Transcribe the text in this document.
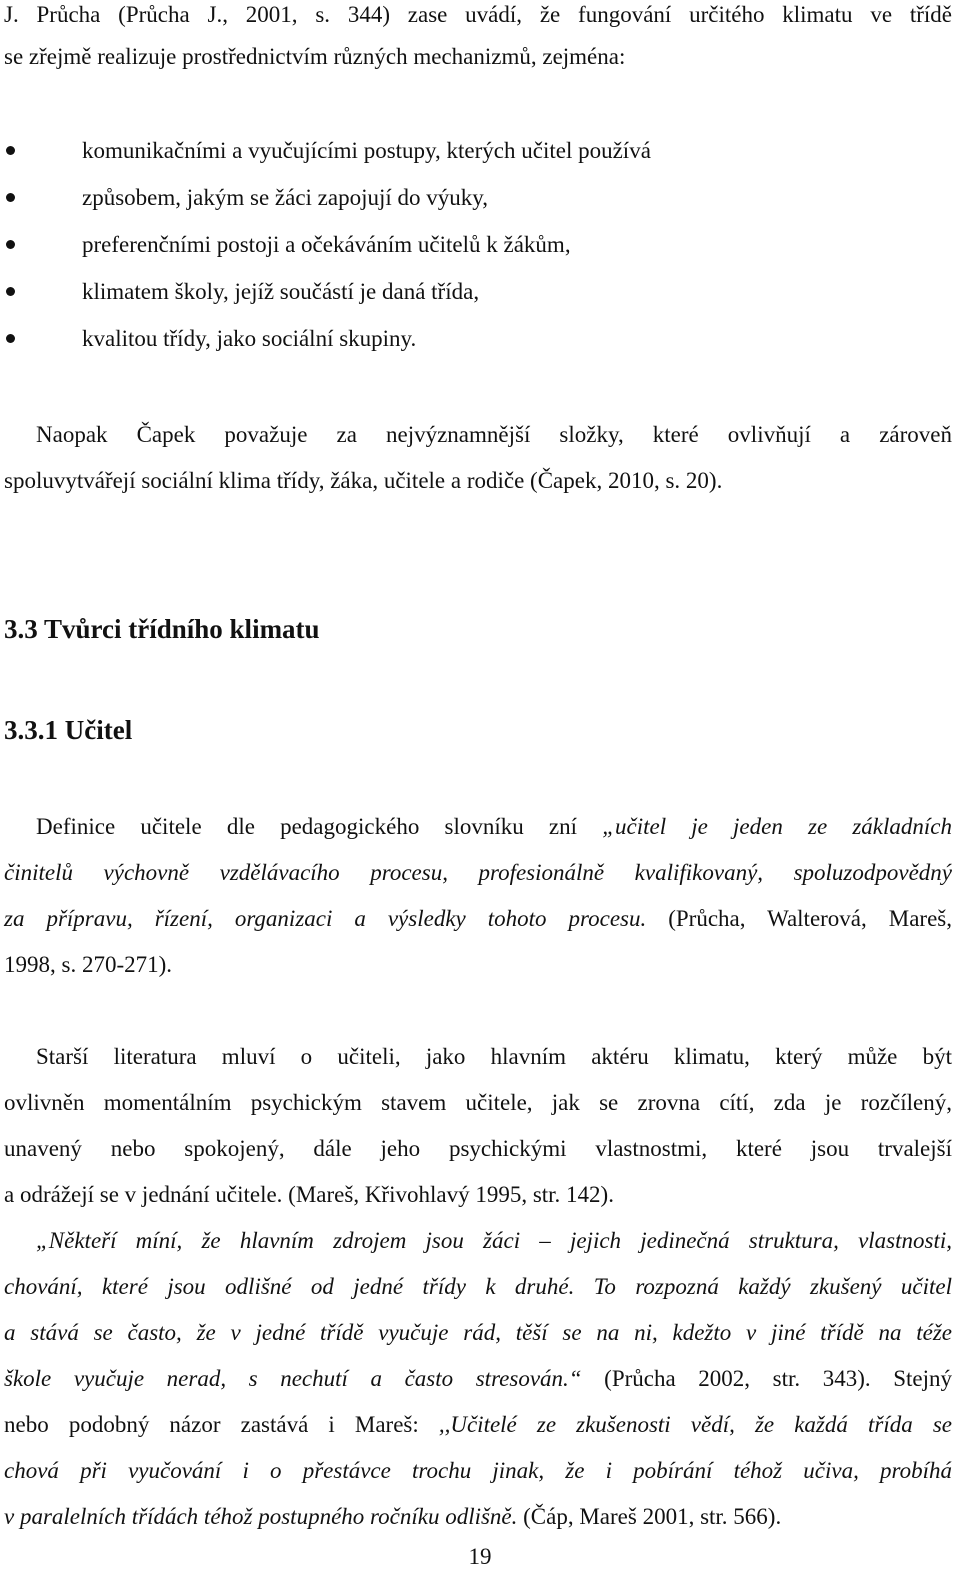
J. Průcha (Průcha J., 2001, s. 344) zase uvádí, že fungování určitého klimatu ve třídě
se zřejmě realizuje prostřednictvím různých mechanizmů, zejména:
komunikačními a vyučujícími postupy, kterých učitel používá
způsobem, jakým se žáci zapojují do výuky,
preferenčními postoji a očekáváním učitelů k žákům,
klimatem školy, jejíž součástí je daná třída,
kvalitou třídy, jako sociální skupiny.
Naopak Čapek považuje za nejvýznamnější složky, které ovlivňují a zároveň
spoluvytvářejí sociální klima třídy, žáka, učitele a rodiče (Čapek, 2010, s. 20).
3.3 Tvůrci třídního klimatu
3.3.1 Učitel
Definice učitele dle pedagogického slovníku zní „učitel je jeden ze základních
činitelů výchovně vzdělávacího procesu, profesionálně kvalifikovaný, spoluzodpovědný
za přípravu, řízení, organizaci a výsledky tohoto procesu. (Průcha, Walterová, Mareš,
1998, s. 270-271).
Starší literatura mluví o učiteli, jako hlavním aktéru klimatu, který může být
ovlivněn momentálním psychickým stavem učitele, jak se zrovna cítí, zda je rozčílený,
unavený nebo spokojený, dále jeho psychickými vlastnostmi, které jsou trvalejší
a odrážejí se v jednání učitele. (Mareš, Křivohlavý 1995, str. 142).
„Někteří míní, že hlavním zdrojem jsou žáci – jejich jedinečná struktura, vlastnosti,
chování, které jsou odlišné od jedné třídy k druhé. To rozpozná každý zkušený učitel
a stává se často, že v jedné třídě vyučuje rád, těší se na ni, kdežto v jiné třídě na téže
škole vyučuje nerad, s nechutí a často stresován.“ (Průcha 2002, str. 343). Stejný
nebo podobný názor zastává i Mareš: ,,Učitelé ze zkušenosti vědí, že každá třída se
chová při vyučování i o přestávce trochu jinak, že i pobírání téhož učiva, probíhá
v paralelních třídách téhož postupného ročníku odlišně. (Čáp, Mareš 2001, str. 566).
19
